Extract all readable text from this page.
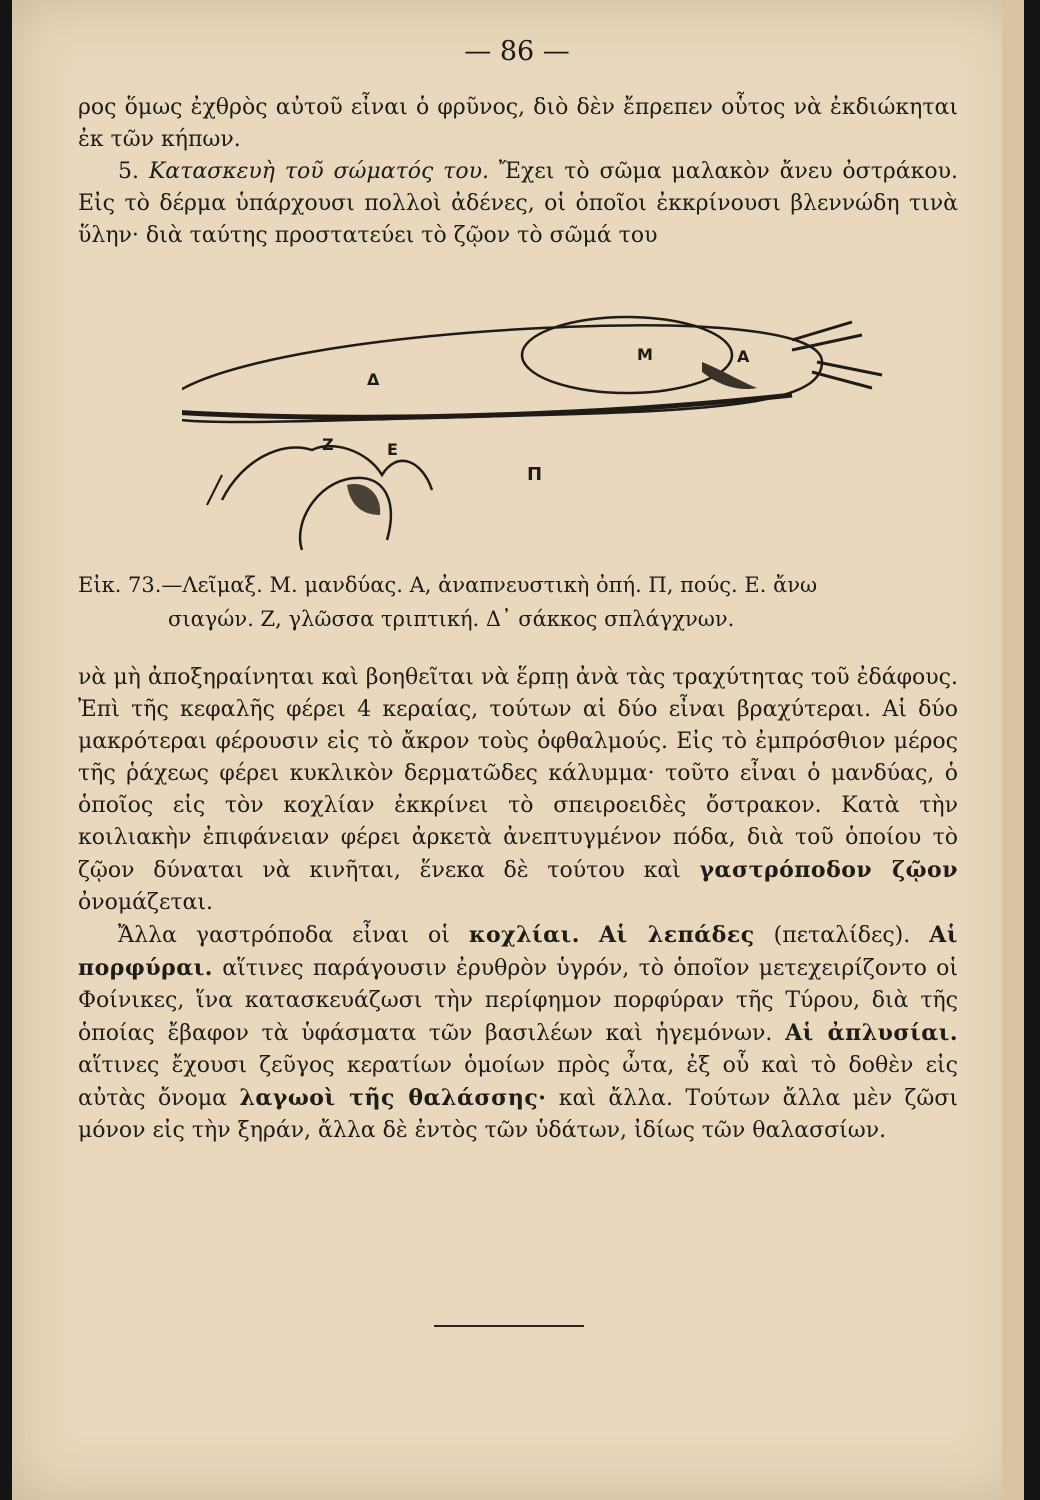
— 86 —

ρος ὅμως ἐχθρὸς αὐτοῦ εἶναι ὁ φρῦνος, διὸ δὲν ἔπρεπεν οὗτος νὰ ἐκδιώκηται ἐκ τῶν κήπων.

5. Κατασκευὴ τοῦ σώματός του. Ἔχει τὸ σῶμα μαλακὸν ἄνευ ὀστράκου. Εἰς τὸ δέρμα ὑπάρχουσι πολλοὶ ἀδένες, οἱ ὁποῖοι ἐκκρίνουσι βλεννώδη τινὰ ὕλην· διὰ ταύτης προστατεύει τὸ ζῷον τὸ σῶμά του

Δ
Μ	Α
Ζ	Ε
Π
Εἰκ. 73.—Λεῖμαξ. Μ. μανδύας. Α, ἀναπνευστικὴ ὀπή. Π, πούς. Ε. ἄνω
σιαγών. Ζ, γλῶσσα τριπτική. Δ᾽ σάκκος σπλάγχνων.

νὰ μὴ ἀποξηραίνηται καὶ βοηθεῖται νὰ ἕρπῃ ἀνὰ τὰς τραχύτητας τοῦ ἐδάφους. Ἐπὶ τῆς κεφαλῆς φέρει 4 κεραίας, τούτων αἱ δύο εἶναι βραχύτεραι. Αἱ δύο μακρότεραι φέρουσιν εἰς τὸ ἄκρον τοὺς ὀφθαλμούς. Εἰς τὸ ἐμπρόσθιον μέρος τῆς ῥάχεως φέρει κυκλικὸν δερματῶδες κάλυμμα· τοῦτο εἶναι ὁ μανδύας, ὁ ὁποῖος εἰς τὸν κοχλίαν ἐκκρίνει τὸ σπειροειδὲς ὄστρακον. Κατὰ τὴν κοιλιακὴν ἐπιφάνειαν φέρει ἀρκετὰ ἀνεπτυγμένον πόδα, διὰ τοῦ ὁποίου τὸ ζῷον δύναται νὰ κινῆται, ἕνεκα δὲ τούτου καὶ γαστρόποδον ζῷον ὀνομάζεται.

Ἄλλα γαστρόποδα εἶναι οἱ κοχλίαι. Αἱ λεπάδες (πεταλίδες). Αἱ πορφύραι. αἵτινες παράγουσιν ἐρυθρὸν ὑγρόν, τὸ ὁποῖον μετεχειρίζοντο οἱ Φοίνικες, ἵνα κατασκευάζωσι τὴν περίφημον πορφύραν τῆς Τύρου, διὰ τῆς ὁποίας ἔβαφον τὰ ὑφάσματα τῶν βασιλέων καὶ ἡγεμόνων. Αἱ ἀπλυσίαι. αἵτινες ἔχουσι ζεῦγος κερατίων ὁμοίων πρὸς ὦτα, ἐξ οὗ καὶ τὸ δοθὲν εἰς αὐτὰς ὄνομα λαγωοὶ τῆς θαλάσσης· καὶ ἄλλα. Τούτων ἄλλα μὲν ζῶσι μόνον εἰς τὴν ξηράν, ἄλλα δὲ ἐντὸς τῶν ὑδάτων, ἰδίως τῶν θαλασσίων.
